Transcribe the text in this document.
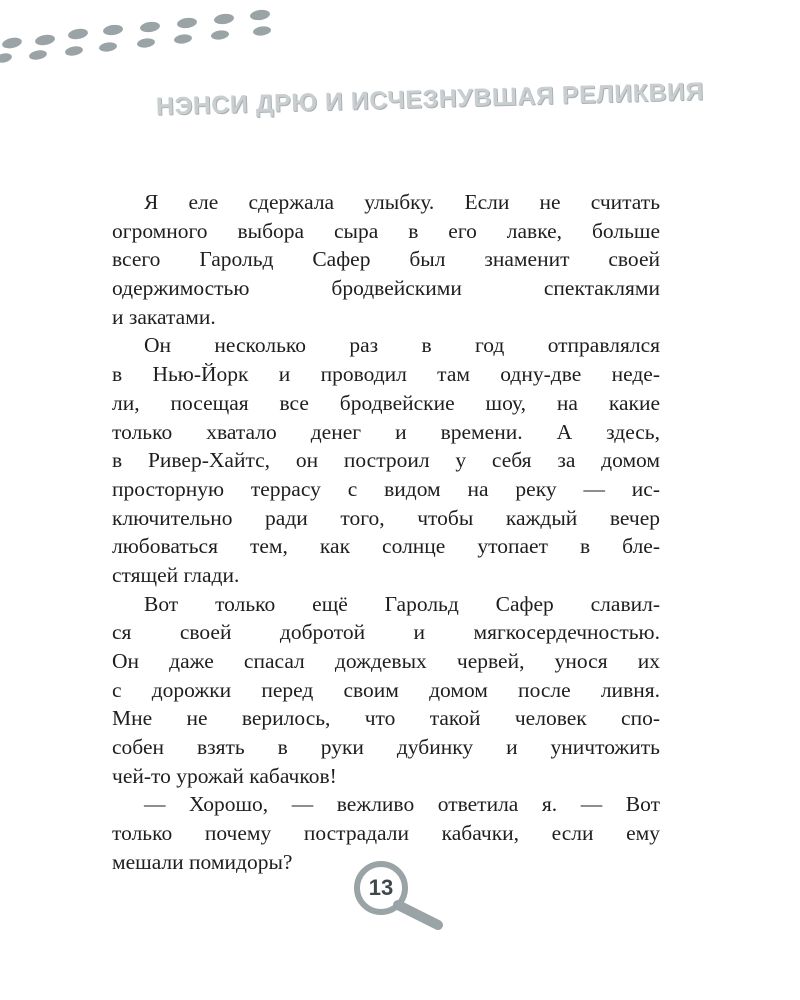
НЭНСИ ДРЮ И ИСЧЕЗНУВШАЯ РЕЛИКВИЯ
Я еле сдержала улыбку. Если не считать
огромного выбора сыра в его лавке, больше
всего Гарольд Сафер был знаменит своей
одержимостью бродвейскими спектаклями
и закатами.
Он несколько раз в год отправлялся
в Нью-Йорк и проводил там одну-две неде-
ли, посещая все бродвейские шоу, на какие
только хватало денег и времени. А здесь,
в Ривер-Хайтс, он построил у себя за домом
просторную террасу с видом на реку — ис-
ключительно ради того, чтобы каждый вечер
любоваться тем, как солнце утопает в бле-
стящей глади.
Вот только ещё Гарольд Сафер славил-
ся своей добротой и мягкосердечностью.
Он даже спасал дождевых червей, унося их
с дорожки перед своим домом после ливня.
Мне не верилось, что такой человек спо-
собен взять в руки дубинку и уничтожить
чей-то урожай кабачков!
— Хорошо, — вежливо ответила я. — Вот
только почему пострадали кабачки, если ему
мешали помидоры?
13
